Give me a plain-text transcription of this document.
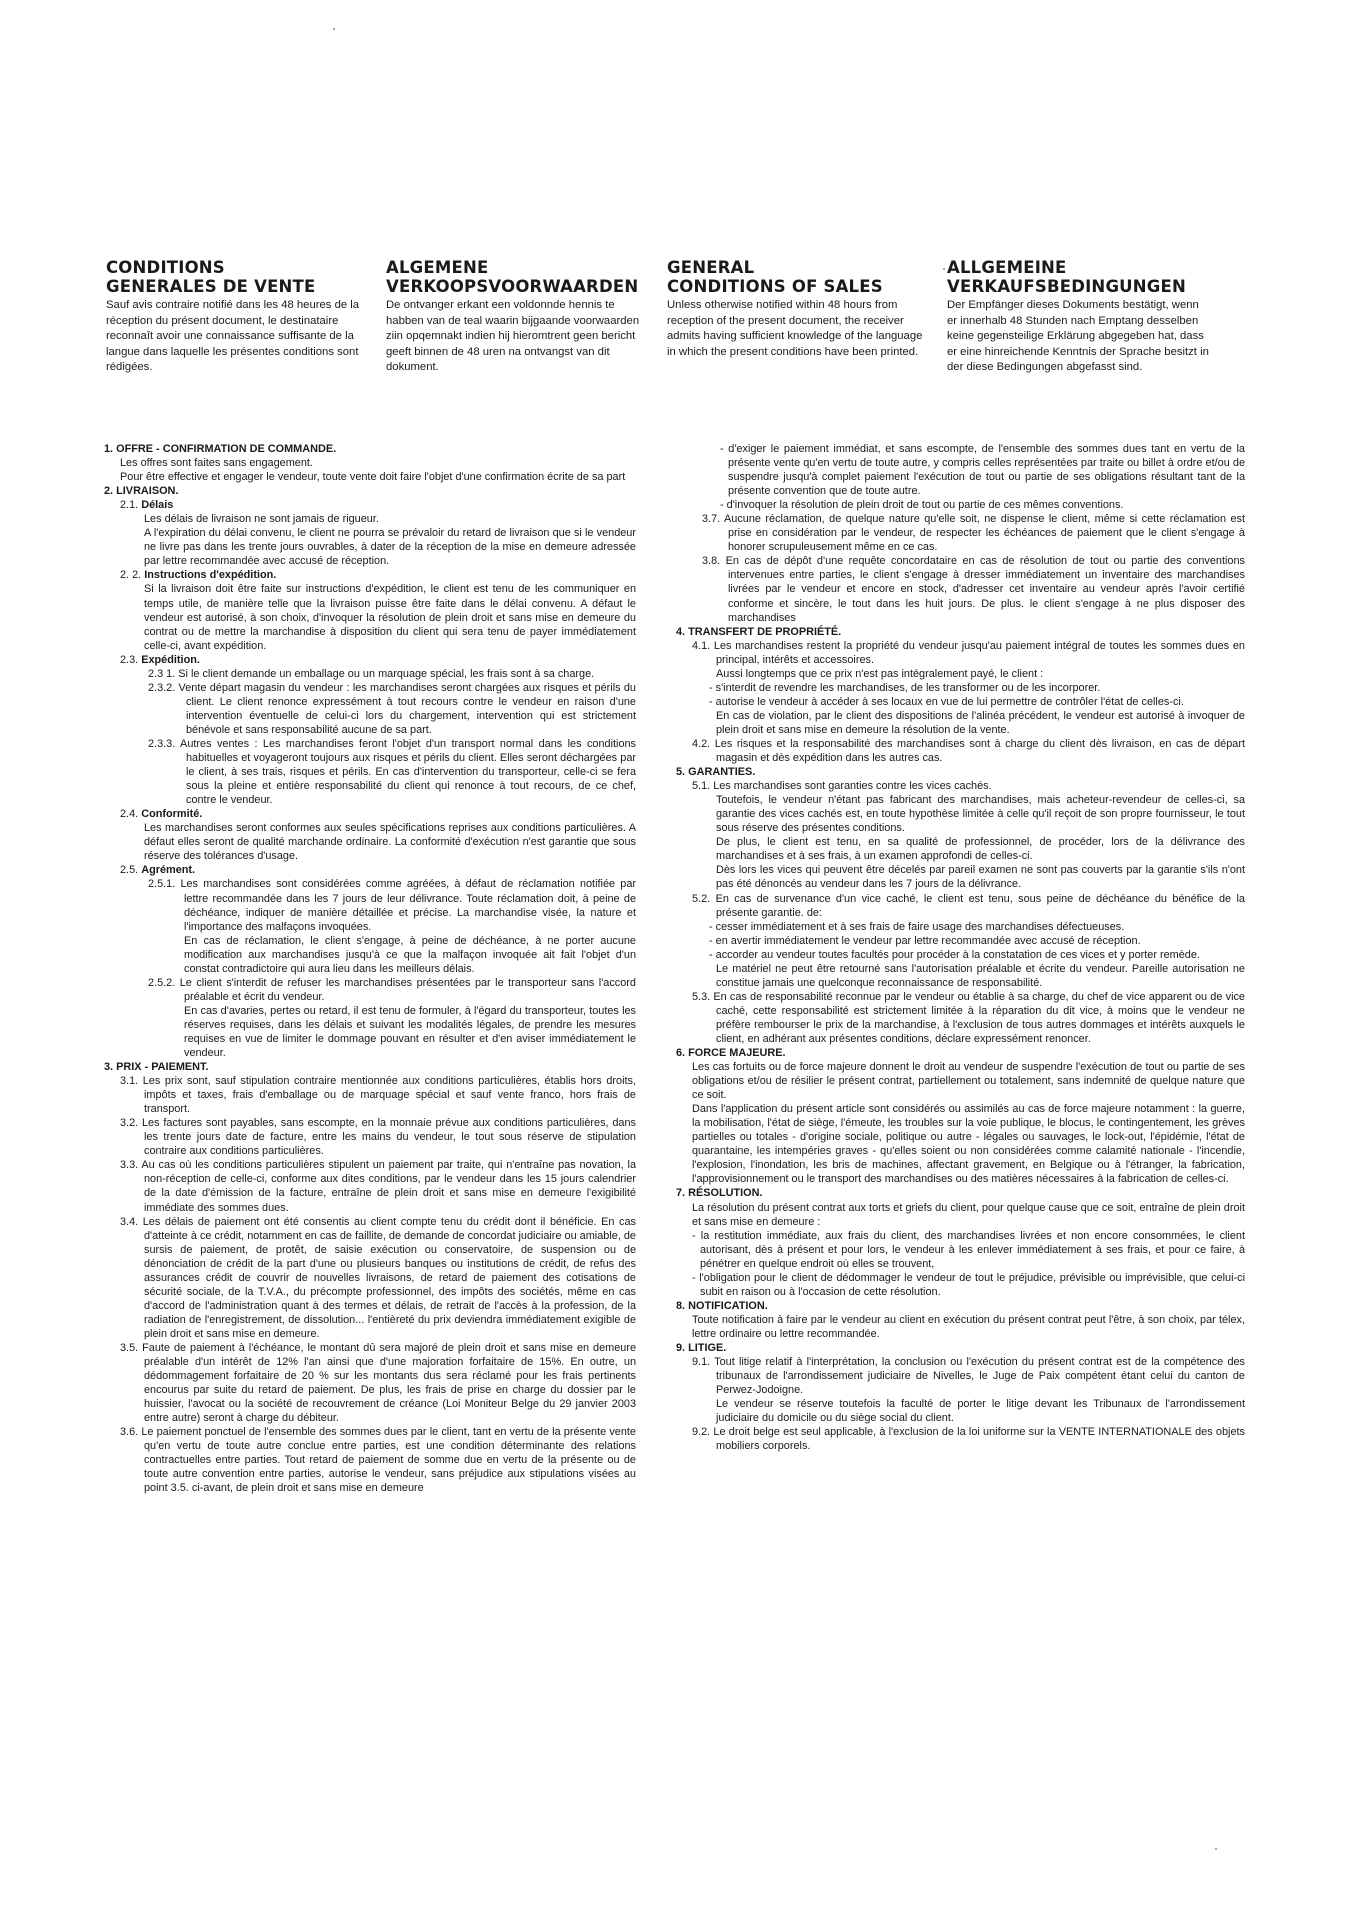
CONDITIONS
GENERALES DE VENTE
Sauf avis contraire notifié dans les 48 heures de la réception du présent document, le destinataire reconnaît avoir une connaissance suffisante de la langue dans laquelle les présentes conditions sont rédigées.
ALGEMENE
VERKOOPSVOORWAARDEN
De ontvanger erkant een voldonnde hennis te habben van de teal waarin bijgaande voorwaarden ziin opqemnakt indien hij hieromtrent geen bericht geeft binnen de 48 uren na ontvangst van dit dokument.
GENERAL
CONDITIONS OF SALES
Unless otherwise notified within 48 hours from reception of the present document, the receiver admits having sufficient knowledge of the language in which the present conditions have been printed.
ALLGEMEINE
VERKAUFSBEDINGUNGEN
Der Empfänger dieses Dokuments bestätigt, wenn er innerhalb 48 Stunden nach Emptang desselben keine gegensteilige Erklärung abgegeben hat, dass er eine hinreichende Kenntnis der Sprache besitzt in der diese Bedingungen abgefasst sind.

1. OFFRE - CONFIRMATION DE COMMANDE.

Les offres sont faites sans engagement.

Pour être effective et engager le vendeur, toute vente doit faire l'objet d'une confirmation écrite de sa part

2. LIVRAISON.

2.1. Délais

Les délais de livraison ne sont jamais de rigueur.

A l'expiration du délai convenu, le client ne pourra se prévaloir du retard de livraison que si le vendeur ne livre pas dans les trente jours ouvrables, à dater de la réception de la mise en demeure adressée par lettre recommandée avec accusé de réception.

2. 2. Instructions d'expédition.

Si la livraison doit être faite sur instructions d'expédition, le client est tenu de les communiquer en temps utile, de manière telle que la livraison puisse être faite dans le délai convenu. A défaut le vendeur est autorisé, à son choix, d'invoquer la résolution de plein droit et sans mise en demeure du contrat ou de mettre la marchandise à disposition du client qui sera tenu de payer immédiatement celle-ci, avant expédition.

2.3. Expédition.

2.3 1. Si le client demande un emballage ou un marquage spécial, les frais sont à sa charge.

2.3.2. Vente départ magasin du vendeur : les marchandises seront chargées aux risques et périls du client. Le client renonce expressément à tout recours contre le vendeur en raison d'une intervention éventuelle de celui-ci lors du chargement, intervention qui est strictement bénévole et sans responsabilité aucune de sa part.

2.3.3. Autres ventes : Les marchandises feront l'objet d'un transport normal dans les conditions habituelles et voyageront toujours aux risques et périls du client. Elles seront déchargées par le client, à ses trais, risques et périls. En cas d'intervention du transporteur, celle-ci se fera sous la pleine et entière responsabilité du client qui renonce à tout recours, de ce chef, contre le vendeur.

2.4. Conformité.

Les marchandises seront conformes aux seules spécifications reprises aux conditions particulières. A défaut elles seront de qualité marchande ordinaire. La conformité d'exécution n'est garantie que sous réserve des tolérances d'usage.

2.5. Agrément.

2.5.1. Les marchandises sont considérées comme agréées, à défaut de réclamation notifiée par lettre recommandée dans les 7 jours de leur délivrance. Toute réclamation doit, à peine de déchéance, indiquer de manière détaillée et précise. La marchandise visée, la nature et l'importance des malfaçons invoquées.

En cas de réclamation, le client s'engage, à peine de déchéance, à ne porter aucune modification aux marchandises jusqu'à ce que la malfaçon invoquée ait fait l'objet d'un constat contradictoire qui aura lieu dans les meilleurs délais.

2.5.2. Le client s'interdit de refuser les marchandises présentées par le transporteur sans l'accord préalable et écrit du vendeur.

En cas d'avaries, pertes ou retard, il est tenu de formuler, à l'égard du transporteur, toutes les réserves requises, dans les délais et suivant les modalités légales, de prendre les mesures requises en vue de limiter le dommage pouvant en résulter et d'en aviser immédiatement le vendeur.

3. PRIX - PAIEMENT.

3.1. Les prix sont, sauf stipulation contraire mentionnée aux conditions particulières, établis hors droits, impôts et taxes, frais d'emballage ou de marquage spécial et sauf vente franco, hors frais de transport.

3.2. Les factures sont payables, sans escompte, en la monnaie prévue aux conditions particulières, dans les trente jours date de facture, entre les mains du vendeur, le tout sous réserve de stipulation contraire aux conditions particulières.

3.3. Au cas où les conditions particulières stipulent un paiement par traite, qui n'entraîne pas novation, la non-réception de celle-ci, conforme aux dites conditions, par le vendeur dans les 15 jours calendrier de la date d'émission de la facture, entraîne de plein droit et sans mise en demeure l'exigibilité immédiate des sommes dues.

3.4. Les délais de paiement ont été consentis au client compte tenu du crédit dont il bénéficie. En cas d'atteinte à ce crédit, notamment en cas de faillite, de demande de concordat judiciaire ou amiable, de sursis de paiement, de protêt, de saisie exécution ou conservatoire, de suspension ou de dénonciation de crédit de la part d'une ou plusieurs banques ou institutions de crédit, de refus des assurances crédit de couvrir de nouvelles livraisons, de retard de paiement des cotisations de sécurité sociale, de la T.V.A., du précompte professionnel, des impôts des sociétés, même en cas d'accord de l'administration quant à des termes et délais, de retrait de l'accès à la profession, de la radiation de l'enregistrement, de dissolution... l'entièreté du prix deviendra immédiatement exigible de plein droit et sans mise en demeure.

3.5. Faute de paiement à l'échéance, le montant dû sera majoré de plein droit et sans mise en demeure préalable d'un intérêt de 12% l'an ainsi que d'une majoration forfaitaire de 15%. En outre, un dédommagement forfaitaire de 20 % sur les montants dus sera réclamé pour les frais pertinents encourus par suite du retard de paiement. De plus, les frais de prise en charge du dossier par le huissier, l'avocat ou la société de recouvrement de créance (Loi Moniteur Belge du 29 janvier 2003 entre autre) seront à charge du débiteur.

3.6. Le paiement ponctuel de l'ensemble des sommes dues par le client, tant en vertu de la présente vente qu'en vertu de toute autre conclue entre parties, est une condition déterminante des relations contractuelles entre parties. Tout retard de paiement de somme due en vertu de la présente ou de toute autre convention entre parties, autorise le vendeur, sans préjudice aux stipulations visées au point 3.5. ci-avant, de plein droit et sans mise en demeure

- d'exiger le paiement immédiat, et sans escompte, de l'ensemble des sommes dues tant en vertu de la présente vente qu'en vertu de toute autre, y compris celles représentées par traite ou billet à ordre et/ou de suspendre jusqu'à complet paiement l'exécution de tout ou partie de ses obligations résultant tant de la présente convention que de toute autre.

- d'invoquer la résolution de plein droit de tout ou partie de ces mêmes conventions.

3.7. Aucune réclamation, de quelque nature qu'elle soit, ne dispense le client, même si cette réclamation est prise en considération par le vendeur, de respecter les échéances de paiement que le client s'engage à honorer scrupuleusement même en ce cas.

3.8. En cas de dépôt d'une requête concordataire en cas de résolution de tout ou partie des conventions intervenues entre parties, le client s'engage à dresser immédiatement un inventaire des marchandises livrées par le vendeur et encore en stock, d'adresser cet inventaire au vendeur après l'avoir certifié conforme et sincère, le tout dans les huit jours. De plus. le client s'engage à ne plus disposer des marchandises

4. TRANSFERT DE PROPRIÉTÉ.

4.1. Les marchandises restent la propriété du vendeur jusqu'au paiement intégral de toutes les sommes dues en principal, intérêts et accessoires.

Aussi longtemps que ce prix n'est pas intégralement payé, le client :

- s'interdit de revendre les marchandises, de les transformer ou de les incorporer.

- autorise le vendeur à accéder à ses locaux en vue de lui permettre de contrôler l'état de celles-ci.

En cas de violation, par le client des dispositions de l'alinéa précédent, le vendeur est autorisé à invoquer de plein droit et sans mise en demeure la résolution de la vente.

4.2. Les risques et la responsabilité des marchandises sont à charge du client dès livraison, en cas de départ magasin et dès expédition dans les autres cas.

5. GARANTIES.

5.1. Les marchandises sont garanties contre les vices cachés.

Toutefois, le vendeur n'étant pas fabricant des marchandises, mais acheteur-revendeur de celles-ci, sa garantie des vices cachés est, en toute hypothèse limitée à celle qu'il reçoit de son propre fournisseur, le tout sous réserve des présentes conditions.

De plus, le client est tenu, en sa qualité de professionnel, de procéder, lors de la délivrance des marchandises et à ses frais, à un examen approfondi de celles-ci.

Dès lors les vices qui peuvent être décelés par pareil examen ne sont pas couverts par la garantie s'ils n'ont pas été dénoncés au vendeur dans les 7 jours de la délivrance.

5.2. En cas de survenance d'un vice caché, le client est tenu, sous peine de déchéance du bénéfice de la présente garantie. de:

- cesser immédiatement et à ses frais de faire usage des marchandises défectueuses.

- en avertir immédiatement le vendeur par lettre recommandée avec accusé de réception.

- accorder au vendeur toutes facultés pour procéder à la constatation de ces vices et y porter remède.

Le matériel ne peut être retourné sans l'autorisation préalable et écrite du vendeur. Pareille autorisation ne constitue jamais une quelconque reconnaissance de responsabilité.

5.3. En cas de responsabilité reconnue par le vendeur ou établie à sa charge, du chef de vice apparent ou de vice caché, cette responsabilité est strictement limitée à la réparation du dit vice, à moins que le vendeur ne préfère rembourser le prix de la marchandise, à l'exclusion de tous autres dommages et intérêts auxquels le client, en adhérant aux présentes conditions, déclare expressément renoncer.

6. FORCE MAJEURE.

Les cas fortuits ou de force majeure donnent le droit au vendeur de suspendre l'exécution de tout ou partie de ses obligations et/ou de résilier le présent contrat, partiellement ou totalement, sans indemnité de quelque nature que ce soit.

Dans l'application du présent article sont considérés ou assimilés au cas de force majeure notamment : la guerre, la mobilisation, l'état de siège, l'émeute, les troubles sur la voie publique, le blocus, le contingentement, les grèves partielles ou totales - d'origine sociale, politique ou autre - légales ou sauvages, le lock-out, l'épidémie, l'état de quarantaine, les intempéries graves - qu'elles soient ou non considérées comme calamité nationale - l'incendie, l'explosion, l'inondation, les bris de machines, affectant gravement, en Belgique ou à l'étranger, la fabrication, l'approvisionnement ou le transport des marchandises ou des matières nécessaires à la fabrication de celles-ci.

7. RÉSOLUTION.

La résolution du présent contrat aux torts et griefs du client, pour quelque cause que ce soit, entraîne de plein droit et sans mise en demeure :

- la restitution immédiate, aux frais du client, des marchandises livrées et non encore consommées, le client autorisant, dès à présent et pour lors, le vendeur à les enlever immédiatement à ses frais, et pour ce faire, à pénétrer en quelque endroit où elles se trouvent,

- l'obligation pour le client de dédommager le vendeur de tout le préjudice, prévisible ou imprévisible, que celui-ci subit en raison ou à l'occasion de cette résolution.

8. NOTIFICATION.

Toute notification à faire par le vendeur au client en exécution du présent contrat peut l'être, à son choix, par télex, lettre ordinaire ou lettre recommandée.

9. LITIGE.

9.1. Tout litige relatif à l'interprétation, la conclusion ou l'exécution du présent contrat est de la compétence des tribunaux de l'arrondissement judiciaire de Nivelles, le Juge de Paix compétent étant celui du canton de Perwez-Jodoigne.

Le vendeur se réserve toutefois la faculté de porter le litige devant les Tribunaux de l'arrondissement judiciaire du domicile ou du siège social du client.

9.2. Le droit belge est seul applicable, à l'exclusion de la loi uniforme sur la VENTE INTERNATIONALE des objets mobiliers corporels.
